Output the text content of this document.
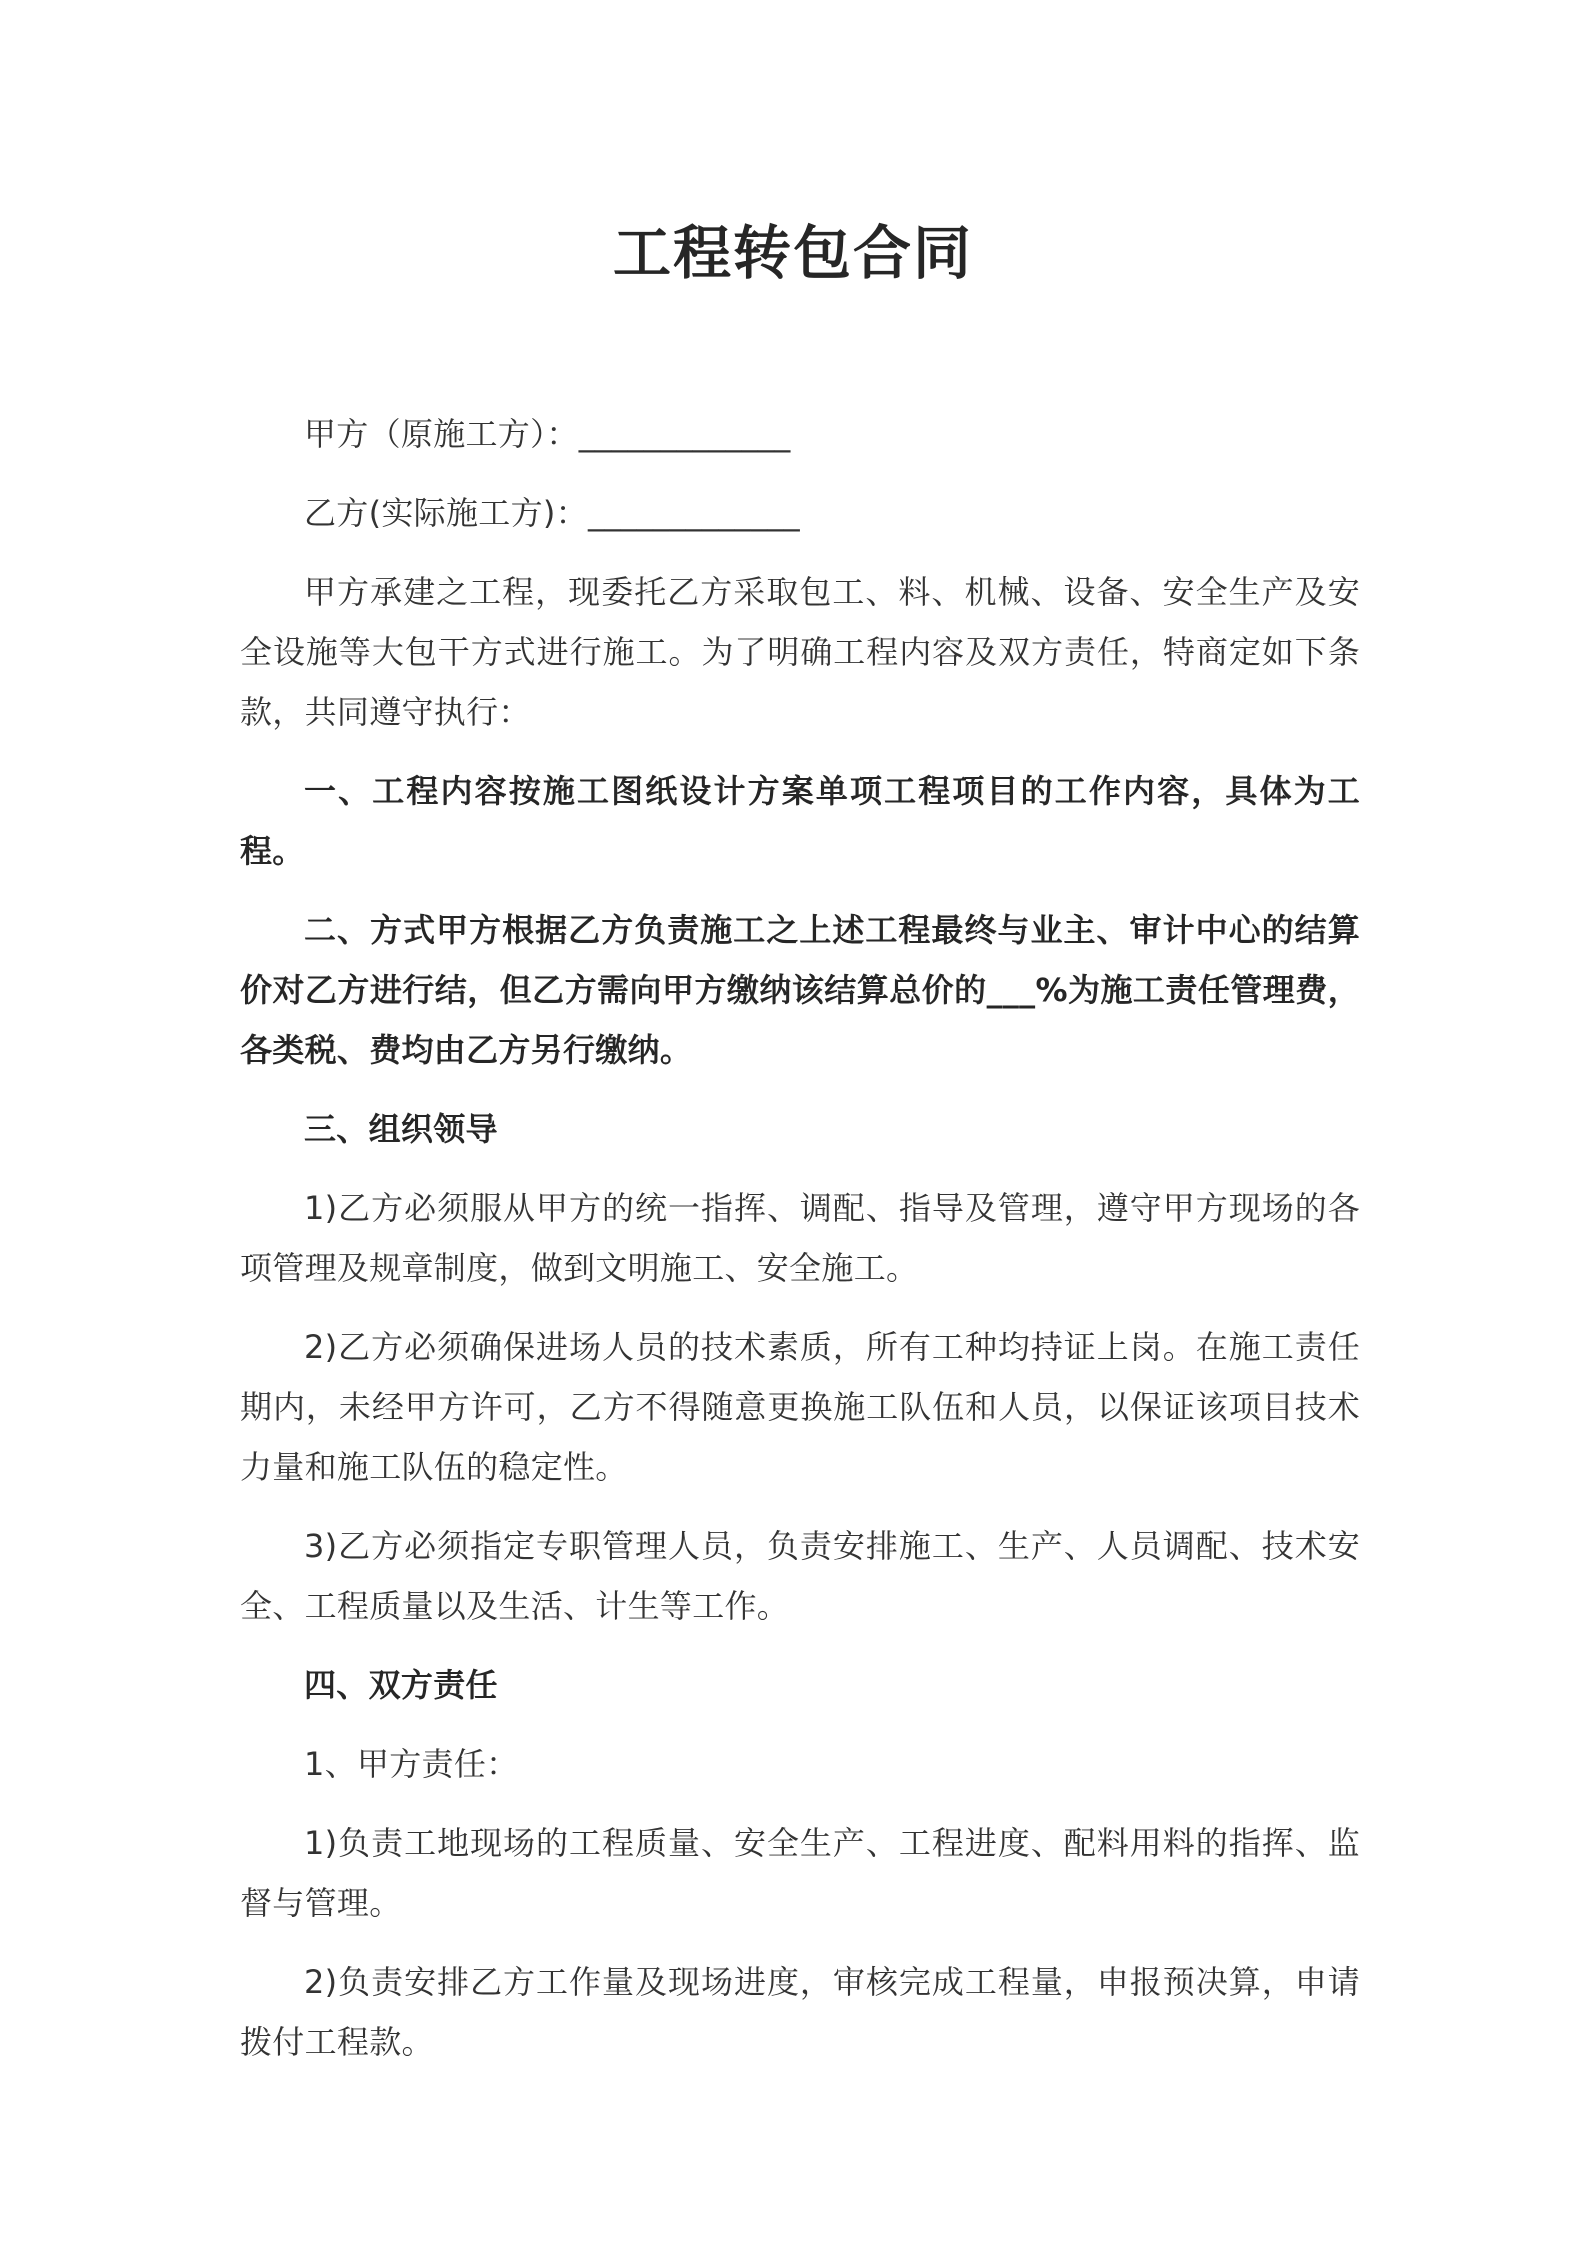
工程转包合同

甲方（原施工方）：_____________

乙方(实际施工方)：_____________

甲方承建之工程，现委托乙方采取包工、料、机械、设备、安全生产及安全设施等大包干方式进行施工。为了明确工程内容及双方责任，特商定如下条款，共同遵守执行：

一、工程内容按施工图纸设计方案单项工程项目的工作内容，具体为工程。

二、方式甲方根据乙方负责施工之上述工程最终与业主、审计中心的结算价对乙方进行结，但乙方需向甲方缴纳该结算总价的___%为施工责任管理费，各类税、费均由乙方另行缴纳。

三、组织领导

1)乙方必须服从甲方的统一指挥、调配、指导及管理，遵守甲方现场的各项管理及规章制度，做到文明施工、安全施工。

2)乙方必须确保进场人员的技术素质，所有工种均持证上岗。在施工责任期内，未经甲方许可，乙方不得随意更换施工队伍和人员，以保证该项目技术力量和施工队伍的稳定性。

3)乙方必须指定专职管理人员，负责安排施工、生产、人员调配、技术安全、工程质量以及生活、计生等工作。

四、双方责任

1、甲方责任：

1)负责工地现场的工程质量、安全生产、工程进度、配料用料的指挥、监督与管理。

2)负责安排乙方工作量及现场进度，审核完成工程量，申报预决算，申请拨付工程款。
